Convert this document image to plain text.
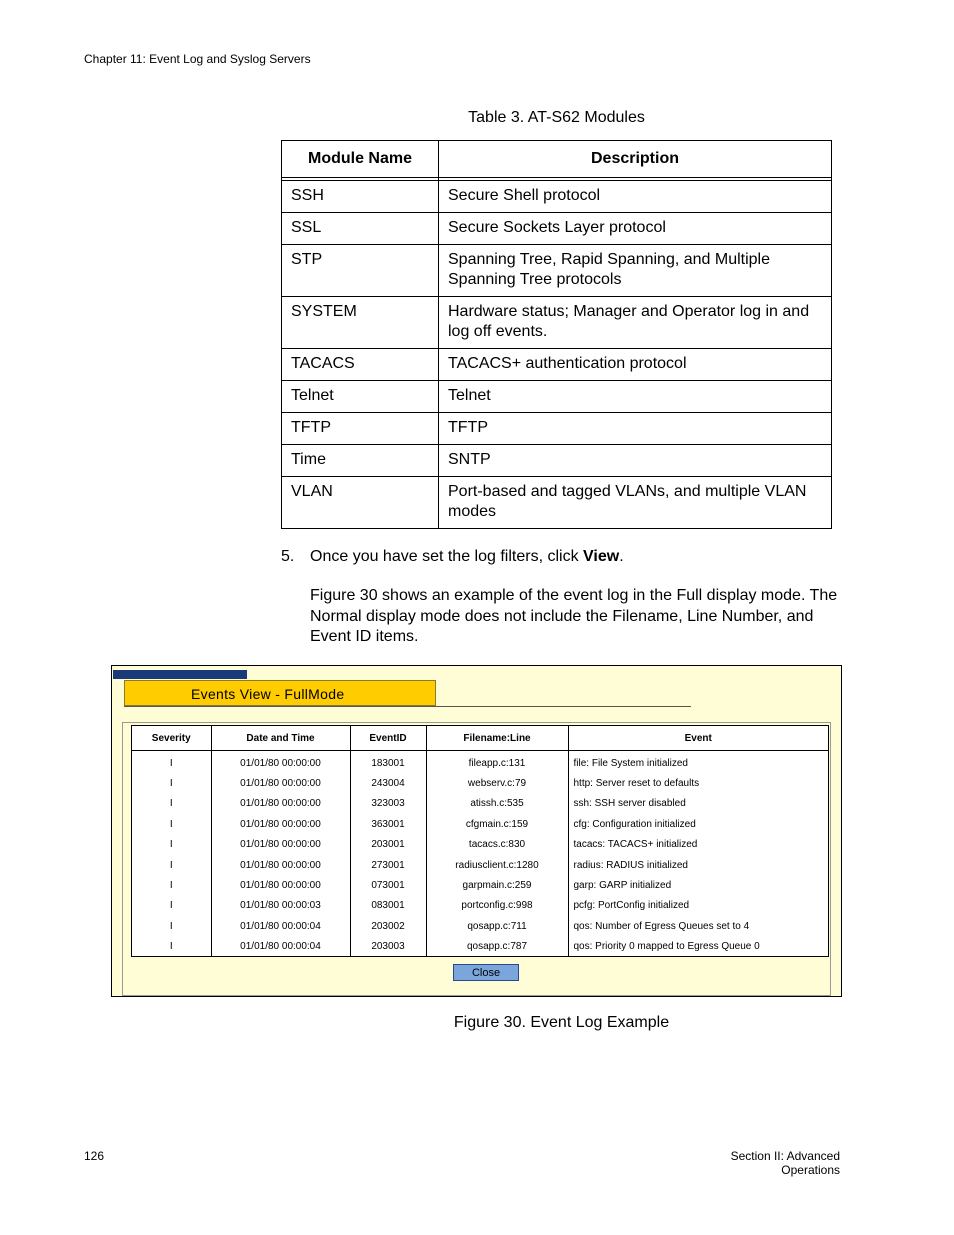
Chapter 11: Event Log and Syslog Servers
Table 3. AT-S62 Modules
Module Name	Description

SSH	Secure Shell protocol
SSL	Secure Sockets Layer protocol
STP	Spanning Tree, Rapid Spanning, and Multiple Spanning Tree protocols
SYSTEM	Hardware status; Manager and Operator log in and log off events.
TACACS	TACACS+ authentication protocol
Telnet	Telnet
TFTP	TFTP
Time	SNTP
VLAN	Port-based and tagged VLANs, and multiple VLAN modes
5. Once you have set the log filters, click View.
Figure 30 shows an example of the event log in the Full display mode. The Normal display mode does not include the Filename, Line Number, and Event ID items.
Events View - FullMode
Severity	Date and Time	EventID	Filename:Line	Event
I	01/01/80 00:00:00	183001	fileapp.c:131	file: File System initialized
I	01/01/80 00:00:00	243004	webserv.c:79	http: Server reset to defaults
I	01/01/80 00:00:00	323003	atissh.c:535	ssh: SSH server disabled
I	01/01/80 00:00:00	363001	cfgmain.c:159	cfg: Configuration initialized
I	01/01/80 00:00:00	203001	tacacs.c:830	tacacs: TACACS+ initialized
I	01/01/80 00:00:00	273001	radiusclient.c:1280	radius: RADIUS initialized
I	01/01/80 00:00:00	073001	garpmain.c:259	garp: GARP initialized
I	01/01/80 00:00:03	083001	portconfig.c:998	pcfg: PortConfig initialized
I	01/01/80 00:00:04	203002	qosapp.c:711	qos: Number of Egress Queues set to 4
I	01/01/80 00:00:04	203003	qosapp.c:787	qos: Priority 0 mapped to Egress Queue 0
Close
Figure 30. Event Log Example
126	Section II: Advanced Operations
